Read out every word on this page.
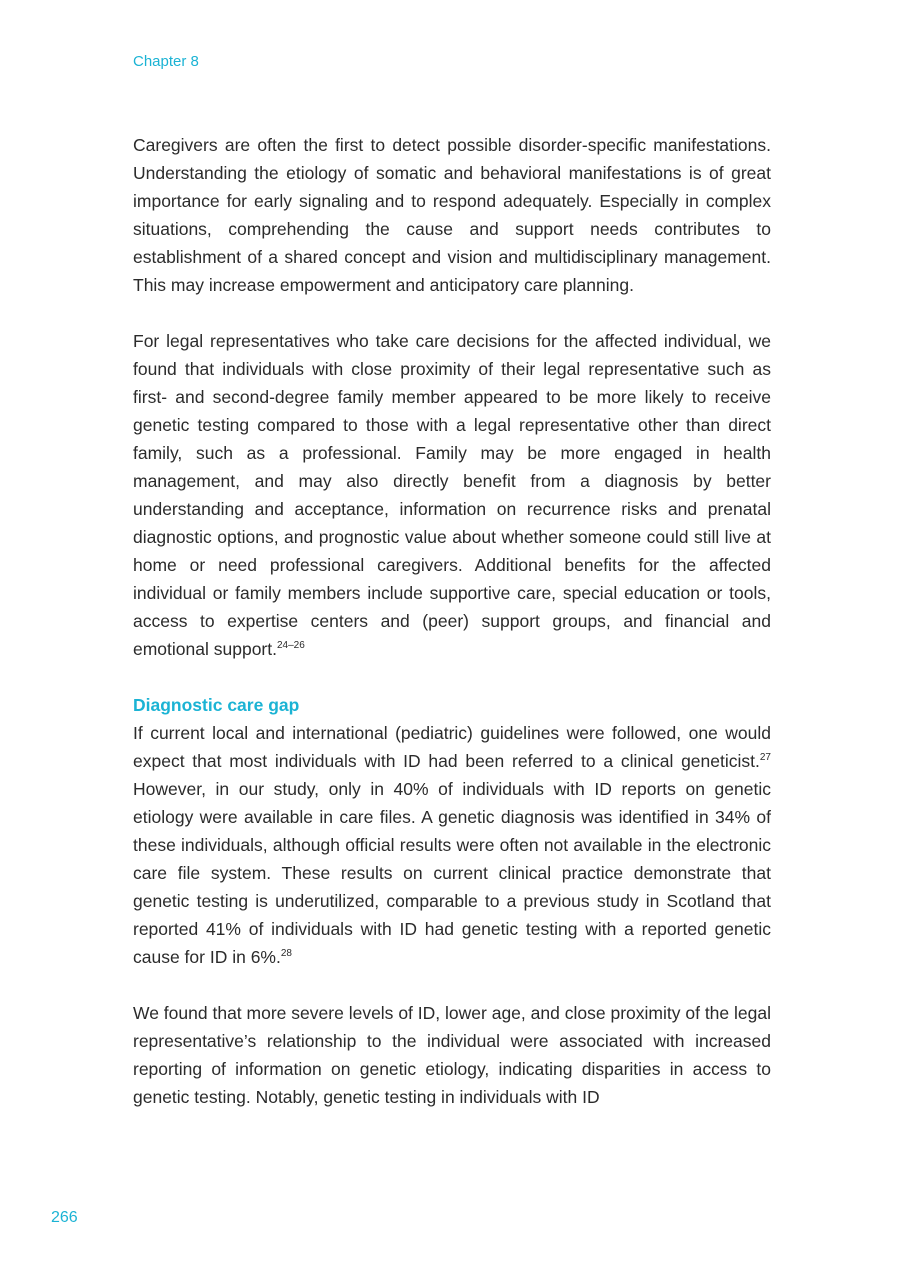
Chapter 8

Caregivers are often the first to detect possible disorder-specific manifestations. Understanding the etiology of somatic and behavioral manifestations is of great importance for early signaling and to respond adequately. Especially in complex situations, comprehending the cause and support needs contributes to establishment of a shared concept and vision and multidisciplinary management. This may increase empowerment and anticipatory care planning.

For legal representatives who take care decisions for the affected individual, we found that individuals with close proximity of their legal representative such as first- and second-degree family member appeared to be more likely to receive genetic testing compared to those with a legal representative other than direct family, such as a professional. Family may be more engaged in health management, and may also directly benefit from a diagnosis by better understanding and acceptance, information on recurrence risks and prenatal diagnostic options, and prognostic value about whether someone could still live at home or need professional caregivers. Additional benefits for the affected individual or family members include supportive care, special education or tools, access to expertise centers and (peer) support groups, and financial and emotional support.$^{24-26}$

Diagnostic care gap

If current local and international (pediatric) guidelines were followed, one would expect that most individuals with ID had been referred to a clinical geneticist.$^{27}$ However, in our study, only in 40% of individuals with ID reports on genetic etiology were available in care files. A genetic diagnosis was identified in 34% of these individuals, although official results were often not available in the electronic care file system. These results on current clinical practice demonstrate that genetic testing is underutilized, comparable to a previous study in Scotland that reported 41% of individuals with ID had genetic testing with a reported genetic cause for ID in 6%.$^{28}$

We found that more severe levels of ID, lower age, and close proximity of the legal representative’s relationship to the individual were associated with increased reporting of information on genetic etiology, indicating disparities in access to genetic testing. Notably, genetic testing in individuals with ID

266
